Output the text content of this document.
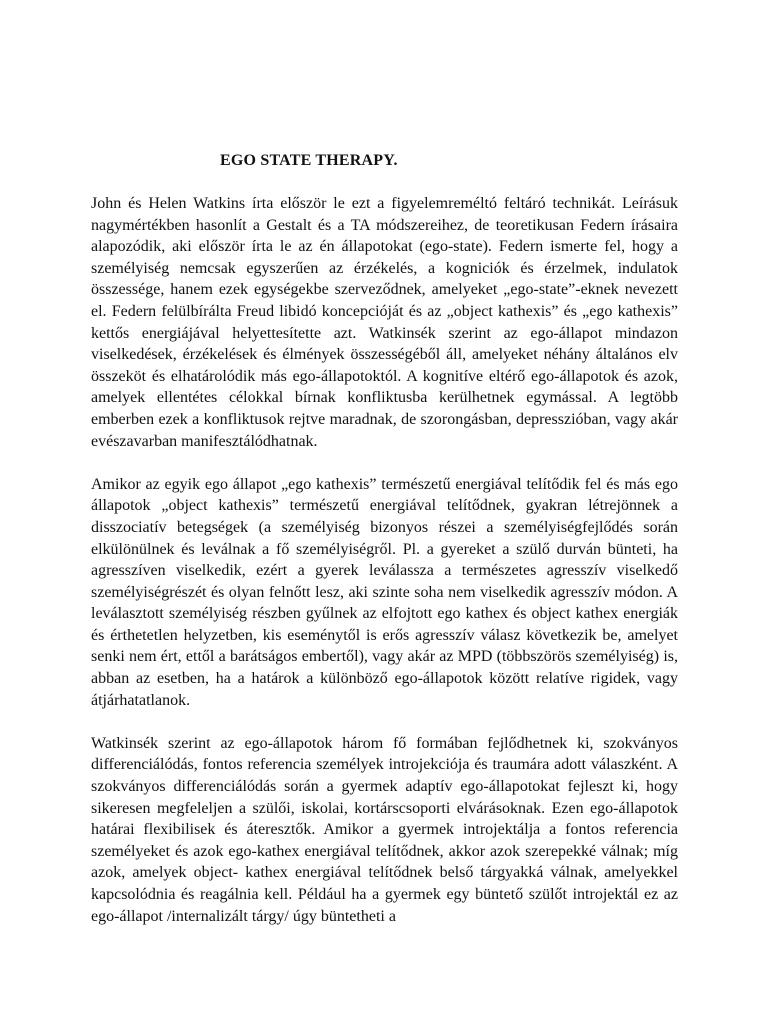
EGO STATE THERAPY.

John és Helen Watkins írta először le ezt a figyelemreméltó feltáró technikát. Leírásuk nagymértékben hasonlít a Gestalt és a TA módszereihez, de teoretikusan Federn írásaira alapozódik, aki először írta le az én állapotokat (ego-state). Federn ismerte fel, hogy a személyiség nemcsak egyszerűen az érzékelés, a kogniciók és érzelmek, indulatok összessége, hanem ezek egységekbe szerveződnek, amelyeket „ego-state”-eknek nevezett el. Federn felülbírálta Freud libidó koncepcióját és az „object kathexis” és „ego kathexis” kettős energiájával helyettesítette azt. Watkinsék szerint az ego-állapot mindazon viselkedések, érzékelések és élmények összességéből áll, amelyeket néhány általános elv összeköt és elhatárolódik más ego-állapotoktól. A kognitíve eltérő ego-állapotok és azok, amelyek ellentétes célokkal bírnak konfliktusba kerülhetnek egymással. A legtöbb emberben ezek a konfliktusok rejtve maradnak, de szorongásban, depresszióban, vagy akár evészavarban manifesztálódhatnak.

Amikor az egyik ego állapot „ego kathexis” természetű energiával telítődik fel és más ego állapotok „object kathexis” természetű energiával telítődnek, gyakran létrejönnek a disszociatív betegségek (a személyiség bizonyos részei a személyiségfejlődés során elkülönülnek és leválnak a fő személyiségről. Pl. a gyereket a szülő durván bünteti, ha agresszíven viselkedik, ezért a gyerek leválassza a természetes agresszív viselkedő személyiségrészét és olyan felnőtt lesz, aki szinte soha nem viselkedik agresszív módon. A leválasztott személyiség részben gyűlnek az elfojtott ego kathex és object kathex energiák és érthetetlen helyzetben, kis eseménytől is erős agresszív válasz következik be, amelyet senki nem ért, ettől a barátságos embertől), vagy akár az MPD (többszörös személyiség) is, abban az esetben, ha a határok a különböző ego-állapotok között relatíve rigidek, vagy átjárhatatlanok.

Watkinsék szerint az ego-állapotok három fő formában fejlődhetnek ki, szokványos differenciálódás, fontos referencia személyek introjekciója és traumára adott válaszként. A szokványos differenciálódás során a gyermek adaptív ego-állapotokat fejleszt ki, hogy sikeresen megfeleljen a szülői, iskolai, kortárscsoporti elvárásoknak. Ezen ego-állapotok határai flexibilisek és áteresztők. Amikor a gyermek introjektálja a fontos referencia személyeket és azok ego-kathex energiával telítődnek, akkor azok szerepekké válnak; míg azok, amelyek object- kathex energiával telítődnek belső tárgyakká válnak, amelyekkel kapcsolódnia és reagálnia kell. Például ha a gyermek egy büntető szülőt introjektál ez az ego-állapot /internalizált tárgy/ úgy büntetheti a
